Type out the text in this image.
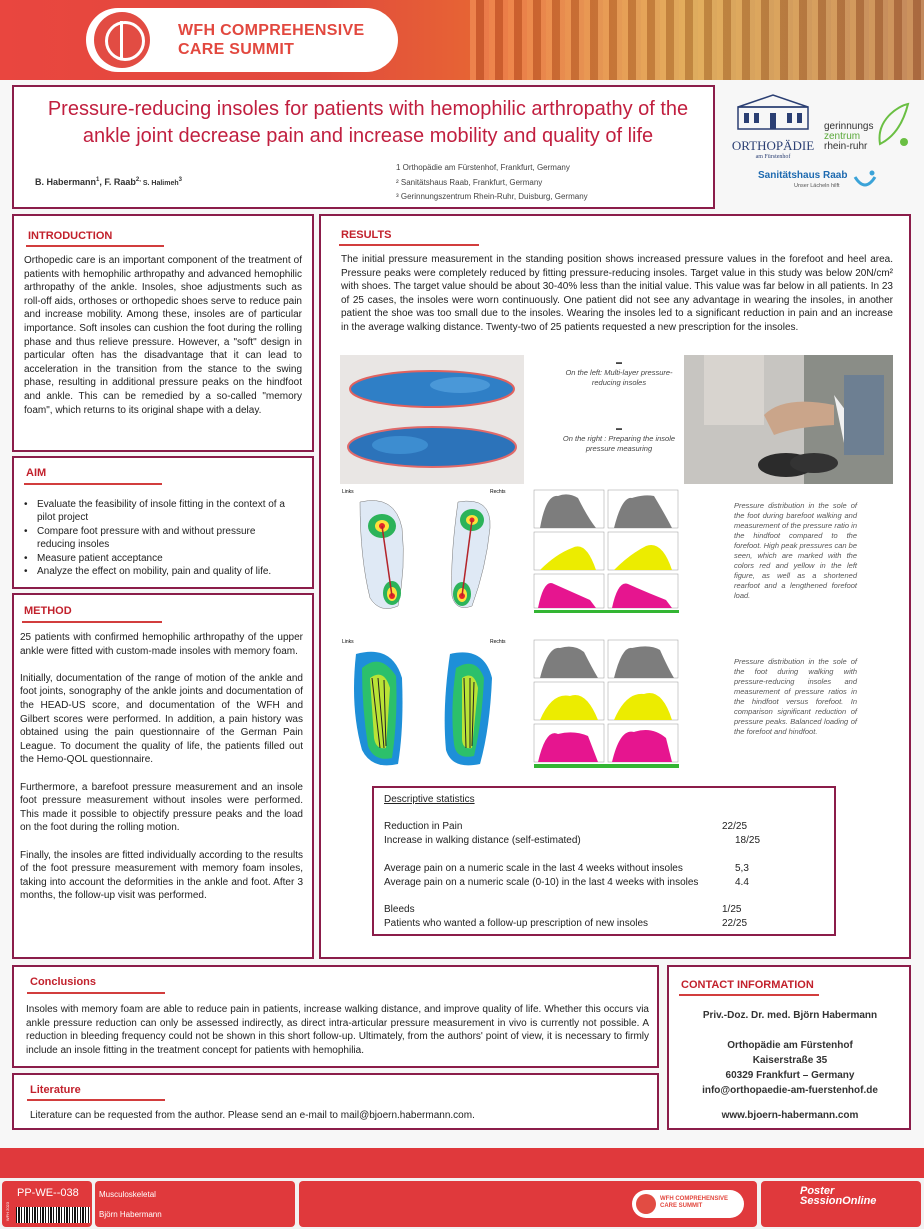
WFH COMPREHENSIVE
CARE SUMMIT
Pressure-reducing insoles for patients with hemophilic arthropathy of the ankle joint decrease pain and increase mobility and quality of life
B. Habermann$^1$, F. Raab$^{2,}$ S. Halimeh$^3$
1 Orthopädie am Fürstenhof, Frankfurt, Germany
² Sanitätshaus Raab, Frankfurt, Germany
³ Gerinnungszentrum Rhein-Ruhr, Duisburg, Germany
ORTHOPÄDIE
am Fürstenhof
gerinnungs
zentrum
rhein-ruhr
Sanitätshaus Raab
Unser Lächeln hilft
INTRODUCTION
Orthopedic care is an important component of the treatment of patients with hemophilic arthropathy and advanced hemophilic arthropathy of the ankle. Insoles, shoe adjustments such as roll-off aids, orthoses or orthopedic shoes serve to reduce pain and increase mobility. Among these, insoles are of particular importance. Soft insoles can cushion the foot during the rolling phase and thus relieve pressure. However, a "soft" design in particular often has the disadvantage that it can lead to acceleration in the transition from the stance to the swing phase, resulting in additional pressure peaks on the hindfoot and ankle. This can be remedied by a so-called "memory foam", which returns to its original shape with a delay.
AIM
• Evaluate the feasibility of insole fitting in the context of a pilot project
• Compare foot pressure with and without pressure reducing insoles
• Measure patient acceptance
• Analyze the effect on mobility, pain and quality of life.
METHOD
25 patients with confirmed hemophilic arthropathy of the upper ankle were fitted with custom-made insoles with memory foam.
Initially, documentation of the range of motion of the ankle and foot joints, sonography of the ankle joints and documentation of the HEAD-US score, and documentation of the WFH and Gilbert scores were performed. In addition, a pain history was obtained using the pain questionnaire of the German Pain League. To document the quality of life, the patients filled out the Hemo-QOL questionnaire.
Furthermore, a barefoot pressure measurement and an insole foot pressure measurement without insoles were performed. This made it possible to objectify pressure peaks and the load on the foot during the rolling motion.
Finally, the insoles are fitted individually according to the results of the foot pressure measurement with memory foam insoles, taking into account the deformities in the ankle and foot. After 3 months, the follow-up visit was performed.
RESULTS
The initial pressure measurement in the standing position shows increased pressure values in the forefoot and heel area. Pressure peaks were completely reduced by fitting pressure-reducing insoles. Target value in this study was below 20N/cm² with shoes. The target value should be about 30-40% less than the initial value. This value was far below in all patients. In 23 of 25 cases, the insoles were worn continuously. One patient did not see any advantage in wearing the insoles, in another patient the shoe was too small due to the insoles. Wearing the insoles led to a significant reduction in pain and an increase in the average walking distance. Twenty-two of 25 patients requested a new prescription for the insoles.
▬
On the left: Multi-layer pressure-reducing insoles
▬
On the right : Preparing the insole pressure measuring
Links	Rechts
Pressure distribution in the sole of the foot during barefoot walking and measurement of the pressure ratio in the hindfoot compared to the forefoot. High peak pressures can be seen, which are marked with the colors red and yellow in the left figure, as well as a shortened rearfoot and a lengthened forefoot load.
Links	Rechts
Pressure distribution in the sole of the foot during walking with pressure-reducing insoles and measurement of pressure ratios in the hindfoot versus forefoot. In comparison significant reduction of pressure peaks. Balanced loading of the forefoot and hindfoot.
Descriptive statistics
Reduction in Pain	22/25
Increase in walking distance (self-estimated)	18/25
Average pain on a numeric scale in the last 4 weeks without insoles	5,3
Average pain on a numeric scale (0-10) in the last 4 weeks with insoles	4.4
Bleeds	1/25
Patients who wanted a follow-up prescription of new insoles	22/25
Conclusions
Insoles with memory foam are able to reduce pain in patients, increase walking distance, and improve quality of life. Whether this occurs via ankle pressure reduction can only be assessed indirectly, as direct intra-articular pressure measurement in vivo is currently not possible. A reduction in bleeding frequency could not be shown in this short follow-up. Ultimately, from the authors' point of view, it is necessary to firmly include an insole fitting in the treatment concept for patients with hemophilia.
Literature
Literature can be requested from the author. Please send an e-mail to mail@bjoern.habermann.com.
CONTACT INFORMATION
Priv.-Doz. Dr. med. Björn Habermann
Orthopädie am Fürstenhof
Kaiserstraße 35
60329 Frankfurt – Germany
info@orthopaedie-am-fuerstenhof.de
www.bjoern-habermann.com
WFH 2023
PP-WE--038	Musculoskeletal
Björn Habermann
WFH COMPREHENSIVE
CARE SUMMIT
Poster
SessionOnline
